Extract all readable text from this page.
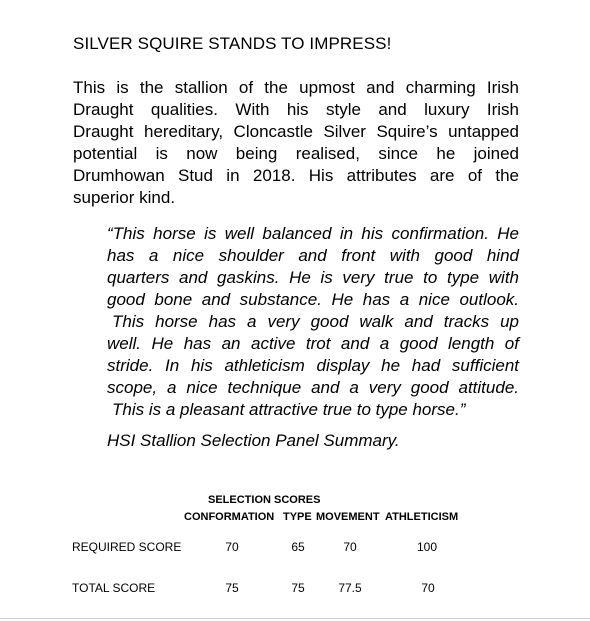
SILVER SQUIRE STANDS TO IMPRESS!
This is the stallion of the upmost and charming Irish
Draught qualities. With his style and luxury Irish
Draught hereditary, Cloncastle Silver Squire’s untapped
potential is now being realised, since he joined
Drumhowan Stud in 2018. His attributes are of the
superior kind.
“This horse is well balanced in his confirmation. He
has a nice shoulder and front with good hind
quarters and gaskins. He is very true to type with
good bone and substance. He has a nice outlook.
This horse has a very good walk and tracks up
well. He has an active trot and a good length of
stride. In his athleticism display he had sufficient
scope, a nice technique and a very good attitude.
This is a pleasant attractive true to type horse.”
HSI Stallion Selection Panel Summary.
SELECTION SCORES
CONFORMATION TYPE MOVEMENT ATHLETICISM
REQUIRED SCORE	70	65	70	100
TOTAL SCORE	75	75	77.5	70
